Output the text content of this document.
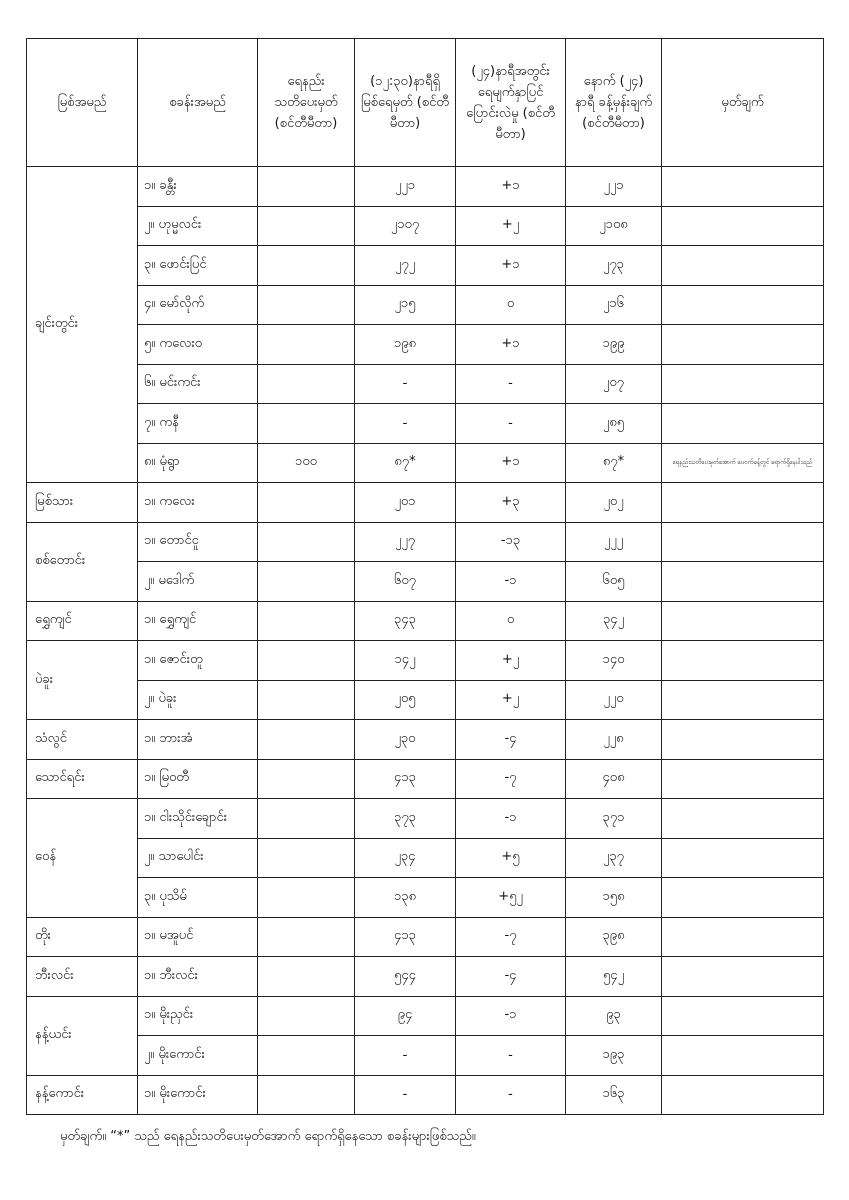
မြစ်အမည်	စခန်းအမည်	ရေနည်း သတိပေးမှတ် (စင်တီမီတာ)	(၁၂:၃၀)နာရီရှိ မြစ်ရေမှတ် (စင်တီမီတာ)	(၂၄)နာရီအတွင်း ရေမျက်နှာပြင် ပြောင်းလဲမှု (စင်တီမီတာ)	နောက် (၂၄) နာရီ ခန့်မှန်းချက် (စင်တီမီတာ)	မှတ်ချက်
ချင်းတွင်း	၁။ ခန္တီး		၂၂၁	+၁	၂၂၁	
	၂။ ဟုမ္မလင်း		၂၁၀၇	+၂	၂၁၀၈	
	၃။ ဖောင်းပြင်		၂၇၂	+၁	၂၇၃	
	၄။ မော်လိုက်		၂၁၅	၀	၂၁၆	
	၅။ ကလေးဝ		၁၉၈	+၁	၁၉၉	
	၆။ မင်းကင်း		-	-	၂၀၇	
	၇။ ကနီ		-	-	၂၈၅	
	၈။ မုံရွာ	၁၀၀	၈၇*	+၁	၈၇*	ရေနည်းသတိပေးမှတ်အောက် ပေဝက်ခန့်တွင် ရောက်ရှိနေပါသည်
မြစ်သား	၁။ ကလေး		၂၀၁	+၃	၂၀၂	
စစ်တောင်း	၁။ တောင်ငူ		၂၂၇	-၁၃	၂၂၂	
	၂။ မဒေါက်		၆၀၇	-၁	၆၀၅	
ရွှေကျင်	၁။ ရွှေကျင်		၃၄၃	၀	၃၄၂	
ပဲခူး	၁။ ဇောင်းတူ		၁၄၂	+၂	၁၄၀	
	၂။ ပဲခူး		၂၀၅	+၂	၂၂၀	
သံလွင်	၁။ ဘားအံ		၂၃၀	-၄	၂၂၈	
သောင်ရင်း	၁။ မြဝတီ		၄၁၃	-၇	၄၀၈	
ဝေန်	၁။ ငါးသိုင်းချောင်း		၃၇၃	-၁	၃၇၁	
	၂။ သာပေါင်း		၂၃၄	+၅	၂၃၇	
	၃။ ပုသိမ်		၁၃၈	+၅၂	၁၅၈	
တိုး	၁။ မအူပင်		၄၁၃	-၇	၃၉၈	
ဘီးလင်း	၁။ ဘီးလင်း		၅၄၄	-၄	၅၄၂	
နန့်ယင်း	၁။ မိုးညှင်း		၉၄	-၁	၉၃	
	၂။ မိုးကောင်း		-	-	၁၉၃	
နန့်ကောင်း	၁။ မိုးကောင်း		-	-	၁၆၃	
မှတ်ချက်။ “*” သည် ရေနည်းသတိပေးမှတ်အောက် ရောက်ရှိနေသော စခန်းများဖြစ်သည်။
